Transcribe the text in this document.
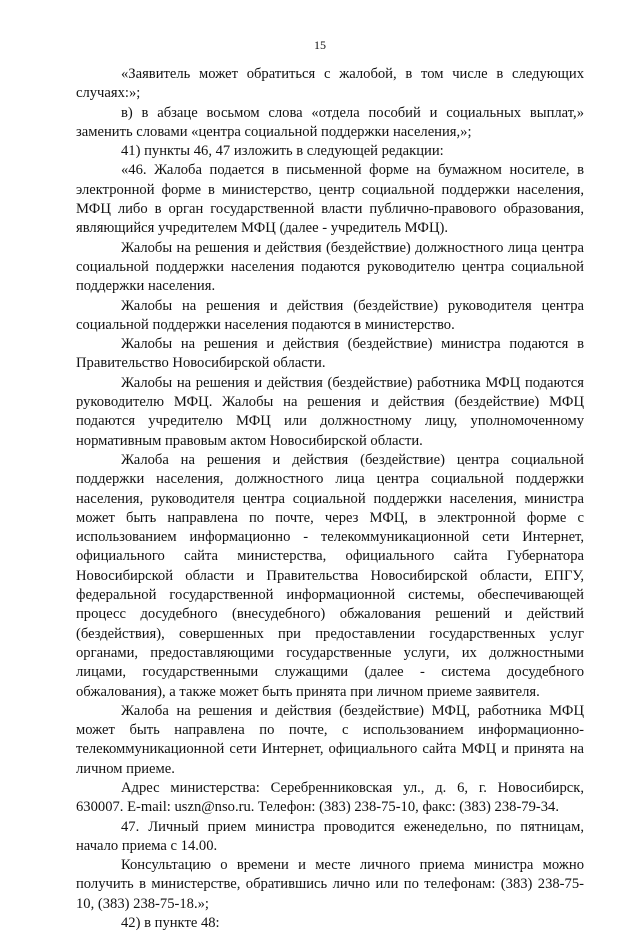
15

«Заявитель может обратиться с жалобой, в том числе в следующих случаях:»;

в) в абзаце восьмом слова «отдела пособий и социальных выплат,» заменить словами «центра социальной поддержки населения,»;

41) пункты 46, 47 изложить в следующей редакции:

«46. Жалоба подается в письменной форме на бумажном носителе, в электронной форме в министерство, центр социальной поддержки населения, МФЦ либо в орган государственной власти публично-правового образования, являющийся учредителем МФЦ (далее - учредитель МФЦ).

Жалобы на решения и действия (бездействие) должностного лица центра социальной поддержки населения подаются руководителю центра социальной поддержки населения.

Жалобы на решения и действия (бездействие) руководителя центра социальной поддержки населения подаются в министерство.

Жалобы на решения и действия (бездействие) министра подаются в Правительство Новосибирской области.

Жалобы на решения и действия (бездействие) работника МФЦ подаются руководителю МФЦ. Жалобы на решения и действия (бездействие) МФЦ подаются учредителю МФЦ или должностному лицу, уполномоченному нормативным правовым актом Новосибирской области.

Жалоба на решения и действия (бездействие) центра социальной поддержки населения, должностного лица центра социальной поддержки населения, руководителя центра социальной поддержки населения, министра может быть направлена по почте, через МФЦ, в электронной форме с использованием информационно - телекоммуникационной сети Интернет, официального сайта министерства, официального сайта Губернатора Новосибирской области и Правительства Новосибирской области, ЕПГУ, федеральной государственной информационной системы, обеспечивающей процесс досудебного (внесудебного) обжалования решений и действий (бездействия), совершенных при предоставлении государственных услуг органами, предоставляющими государственные услуги, их должностными лицами, государственными служащими (далее - система досудебного обжалования), а также может быть принята при личном приеме заявителя.

Жалоба на решения и действия (бездействие) МФЦ, работника МФЦ может быть направлена по почте, с использованием информационно-телекоммуникационной сети Интернет, официального сайта МФЦ и принята на личном приеме.

Адрес министерства: Серебренниковская ул., д. 6, г. Новосибирск, 630007. E-mail: uszn@nso.ru. Телефон: (383) 238-75-10, факс: (383) 238-79-34.

47. Личный прием министра проводится еженедельно, по пятницам, начало приема с 14.00.

Консультацию о времени и месте личного приема министра можно получить в министерстве, обратившись лично или по телефонам: (383) 238-75-10, (383) 238-75-18.»;

42) в пункте 48:
